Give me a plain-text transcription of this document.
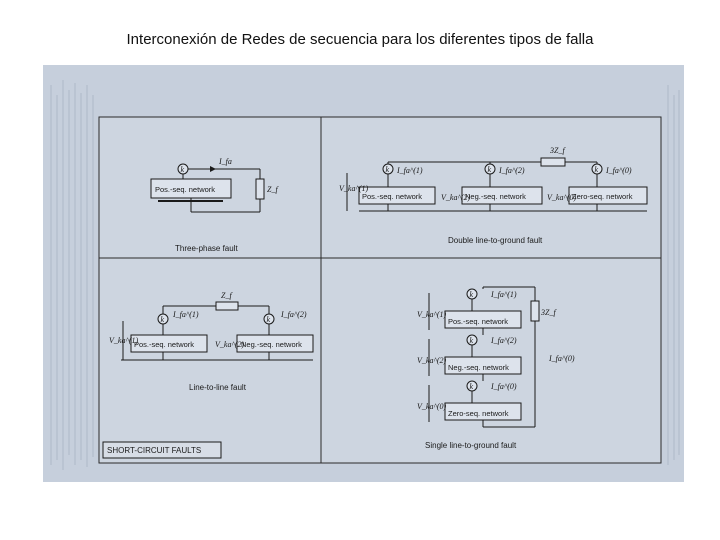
Interconexión de Redes de secuencia para los diferentes tipos de falla
SHORT-CIRCUIT FAULTS
k
I_fa
Pos.-seq. network	Z_f
Three-phase fault
3Z_f
k	k	k
Pos.-seq. network	Neg.-seq. network	Zero-seq. network
I_fa^(1)	I_fa^(2)	I_fa^(0)
V_ka^(1)
V_ka^(2)	V_ka^(0)
Double line-to-ground fault
Z_f
k	k
Pos.-seq. network	Neg.-seq. network
I_fa^(1)	I_fa^(2)
V_ka^(1)	V_ka^(2)
Line-to-line fault
3Z_f
k
k
k
Pos.-seq. network
Neg.-seq. network
Zero-seq. network
I_fa^(1)
I_fa^(2)
I_fa^(0)
V_ka^(1)
V_ka^(2)
V_ka^(0)
I_fa^(0)
Single line-to-ground fault
